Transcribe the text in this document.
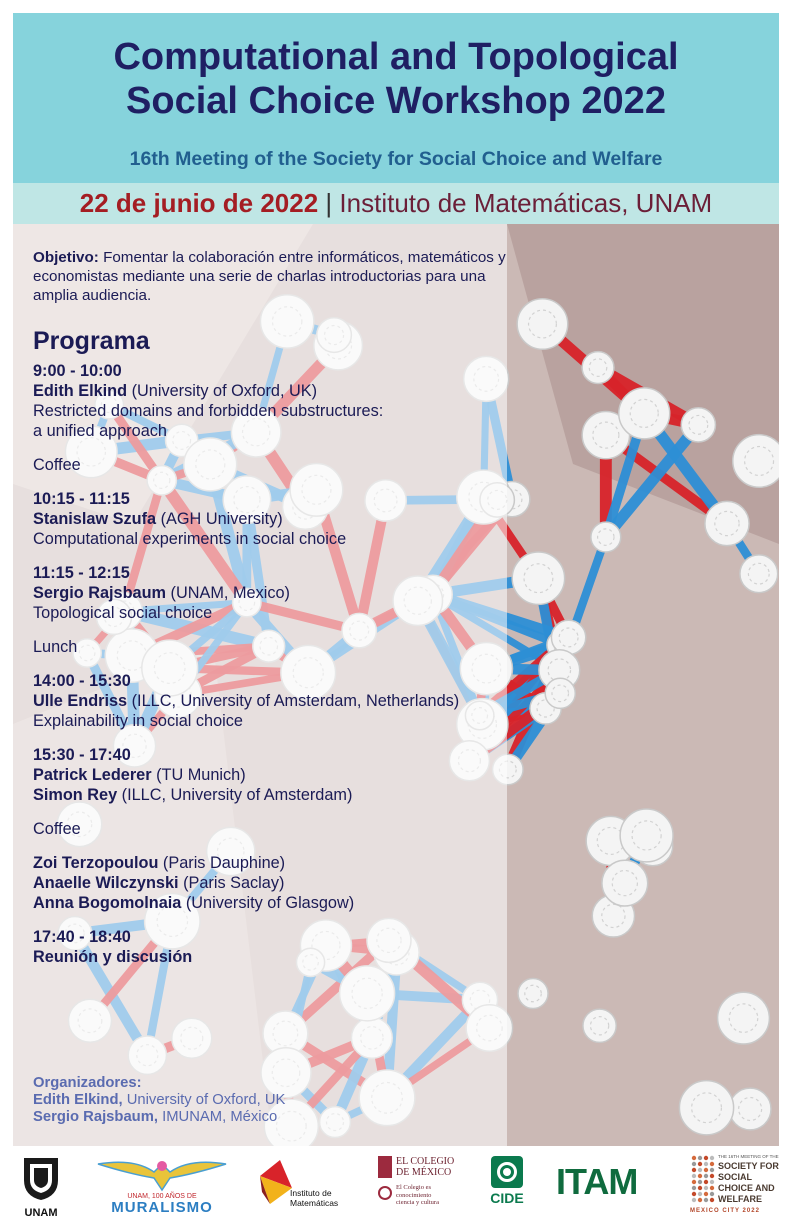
Computational and Topological
Social Choice Workshop 2022
16th Meeting of the Society for Social Choice and Welfare
22 de junio de 2022 | Instituto de Matemáticas, UNAM
Objetivo: Fomentar la colaboración entre informáticos, matemáticos y economistas mediante una serie de charlas introductorias para una amplia audiencia.
Programa
9:00 - 10:00
Edith Elkind (University of Oxford, UK)
Restricted domains and forbidden substructures:
a unified approach
Coffee
10:15 - 11:15
Stanislaw Szufa (AGH University)
Computational experiments in social choice
11:15 - 12:15
Sergio Rajsbaum (UNAM, Mexico)
Topological social choice
Lunch
14:00 - 15:30
Ulle Endriss (ILLC, University of Amsterdam, Netherlands)
Explainability in social choice
15:30 - 17:40
Patrick Lederer (TU Munich)
Simon Rey (ILLC, University of Amsterdam)
Coffee
Zoi Terzopoulou (Paris Dauphine)
Anaelle Wilczynski (Paris Saclay)
Anna Bogomolnaia (University of Glasgow)
17:40 - 18:40
Reunión y discusión
Organizadores:
Edith Elkind, University of Oxford, UK
Sergio Rajsbaum, IMUNAM, México
UNAM
UNAM, 100 AÑOS DE
MURALISMO
Instituto de
Matemáticas
EL COLEGIO
DE MÉXICO
El Colegio es
conocimiento
ciencia y cultura	CIDE ITAM
THE 16TH MEETING OF THE
SOCIETY FOR
SOCIAL
CHOICE AND
WELFARE
MEXICO CITY 2022
